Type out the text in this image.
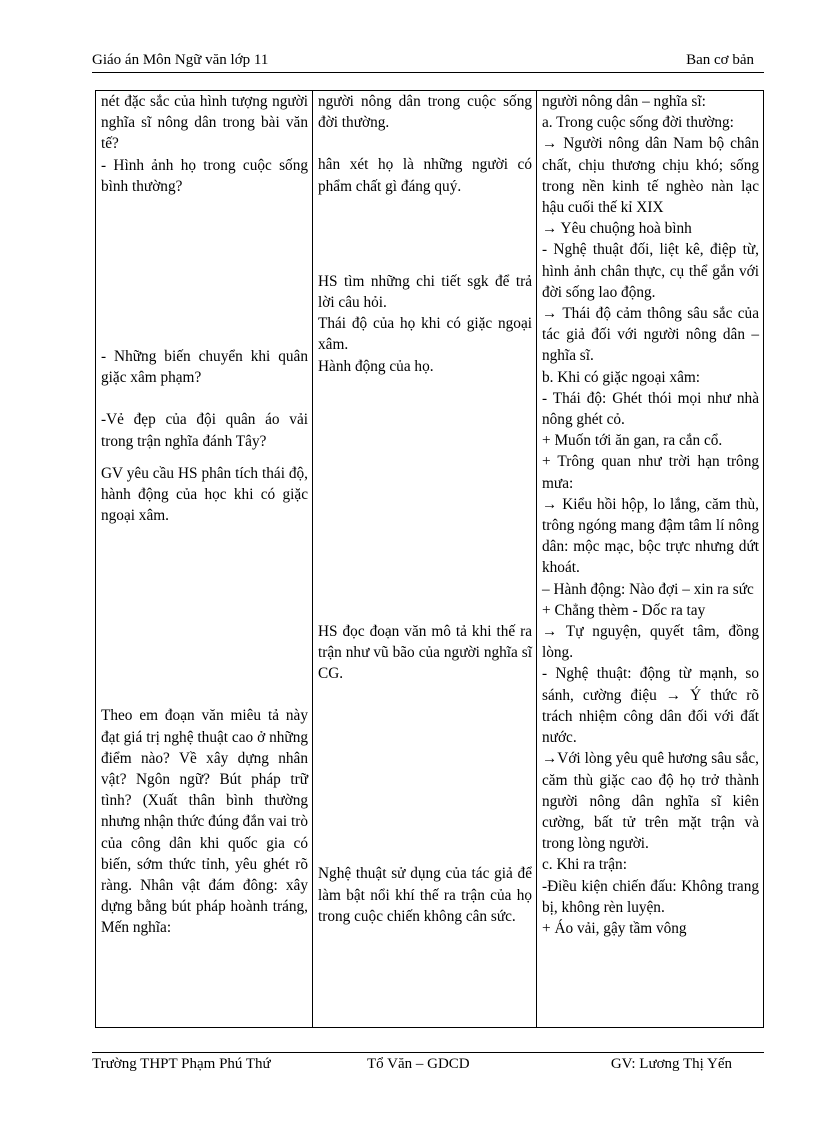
Giáo án Môn Ngữ văn lớp 11	Ban cơ bản
nét đặc sắc của hình tượng người nghĩa sĩ nông dân trong bài văn tế?
- Hình ảnh họ trong cuộc sống bình thường?
- Những biến chuyển khi quân giặc xâm phạm?
-Vẻ đẹp của đội quân áo vải trong trận nghĩa đánh Tây?
GV yêu cầu HS phân tích thái độ, hành động của học khi có giặc ngoại xâm.
Theo em đoạn văn miêu tả này đạt giá trị nghệ thuật cao ở những điểm nào? Về xây dựng nhân vật? Ngôn ngữ? Bút pháp trữ tình? (Xuất thân bình thường nhưng nhận thức đúng đắn vai trò của công dân khi quốc gia có biến, sớm thức tỉnh, yêu ghét rõ ràng. Nhân vật đám đông: xây dựng bằng bút pháp hoành tráng, Mến nghĩa:

người nông dân trong cuộc sống đời thường.
hân xét họ là những người có phẩm chất gì đáng quý.
HS tìm những chi tiết sgk để trả lời câu hỏi.
Thái độ của họ khi có giặc ngoại xâm.
Hành động của họ.
HS đọc đoạn văn mô tả khi thế ra trận như vũ bão của người nghĩa sĩ CG.
Nghệ thuật sử dụng của tác giả để làm bật nổi khí thế ra trận của họ trong cuộc chiến không cân sức.

người nông dân – nghĩa sĩ:
a. Trong cuộc sống đời thường:
→ Người nông dân Nam bộ chân chất, chịu thương chịu khó; sống trong nền kinh tế nghèo nàn lạc hậu cuối thế kỉ XIX
→ Yêu chuộng hoà bình
- Nghệ thuật đối, liệt kê, điệp từ, hình ảnh chân thực, cụ thể gắn với đời sống lao động.
→ Thái độ cảm thông sâu sắc của tác giả đối với người nông dân – nghĩa sĩ.
b. Khi có giặc ngoại xâm:
- Thái độ: Ghét thói mọi như nhà nông ghét cỏ.
+ Muốn tới ăn gan, ra cắn cổ.
+ Trông quan như trời hạn trông mưa:
→ Kiểu hồi hộp, lo lắng, căm thù, trông ngóng mang đậm tâm lí nông dân: mộc mạc, bộc trực nhưng dứt khoát.
– Hành động: Nào đợi – xin ra sức
+ Chẳng thèm - Dốc ra tay
→ Tự nguyện, quyết tâm, đồng lòng.
- Nghệ thuật: động từ mạnh, so sánh, cường điệu → Ý thức rõ trách nhiệm công dân đối với đất nước.
→Với lòng yêu quê hương sâu sắc, căm thù giặc cao độ họ trở thành người nông dân nghĩa sĩ kiên cường, bất tử trên mặt trận và trong lòng người.
c. Khi ra trận:
-Điều kiện chiến đấu: Không trang bị, không rèn luyện.
+ Áo vải, gậy tầm vông
Trường THPT Phạm Phú Thứ	Tổ Văn – GDCD	GV: Lương Thị Yến
